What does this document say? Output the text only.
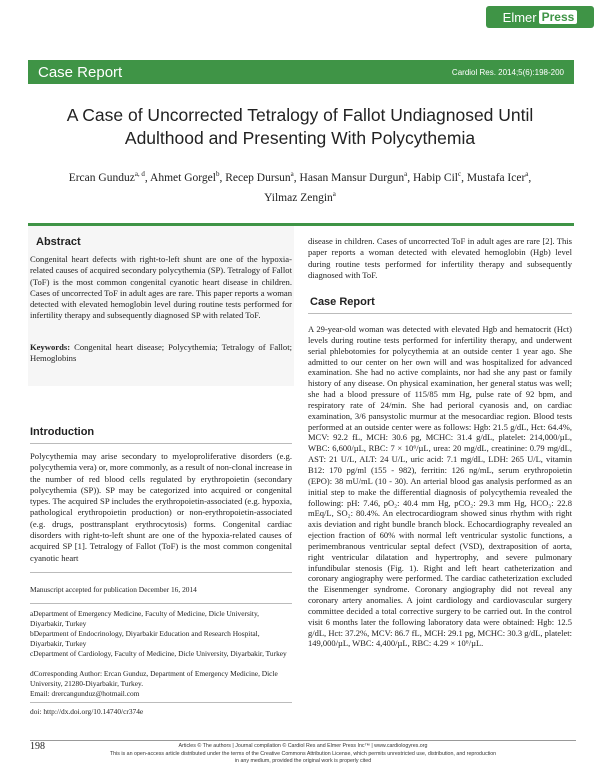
Elmer Press
Case Report	Cardiol Res. 2014;5(6):198-200
A Case of Uncorrected Tetralogy of Fallot Undiagnosed Until Adulthood and Presenting With Polycythemia
Ercan Gunduz$^{a, d}$, Ahmet Gorgel$^b$, Recep Dursun$^a$, Hasan Mansur Durgun$^a$, Habip Cil$^c$, Mustafa Icer$^a$,
Yilmaz Zengin$^a$
Abstract
Congenital heart defects with right-to-left shunt are one of the hypoxia-related causes of acquired secondary polycythemia (SP). Tetralogy of Fallot (ToF) is the most common congenital cyanotic heart disease in children. Cases of uncorrected ToF in adult ages are rare. This paper reports a woman detected with elevated hemoglobin level during routine tests performed for infertility therapy and subsequently diagnosed SP with related ToF.
Keywords: Congenital heart disease; Polycythemia; Tetralogy of Fallot; Hemoglobins
Introduction
Polycythemia may arise secondary to myeloproliferative disorders (e.g. polycythemia vera) or, more commonly, as a result of non-clonal increase in the number of red blood cells regulated by erythropoietin (secondary polycythemia (SP)). SP may be categorized into acquired or congenital types. The acquired SP includes the erythropoietin-associated (e.g. hypoxia, pathological erythropoietin production) or non-erythropoietin-associated (e.g. drugs, posttransplant erythrocytosis) forms. Congenital cardiac disorders with right-to-left shunt are one of the hypoxia-related causes of acquired SP [1]. Tetralogy of Fallot (ToF) is the most common congenital cyanotic heart
Manuscript accepted for publication December 16, 2014
aDepartment of Emergency Medicine, Faculty of Medicine, Dicle University, Diyarbakir, Turkey
bDepartment of Endocrinology, Diyarbakir Education and Research Hospital, Diyarbakir, Turkey
cDepartment of Cardiology, Faculty of Medicine, Dicle University, Diyarbakir, Turkey
dCorresponding Author: Ercan Gunduz, Department of Emergency Medicine, Dicle University, 21280-Diyarbakir, Turkey.
Email: drercangunduz@hotmail.com
doi: http://dx.doi.org/10.14740/cr374e
disease in children. Cases of uncorrected ToF in adult ages are rare [2]. This paper reports a woman detected with elevated hemoglobin (Hgb) level during routine tests performed for infertility therapy and subsequently diagnosed with ToF.
Case Report
A 29-year-old woman was detected with elevated Hgb and hematocrit (Hct) levels during routine tests performed for infertility therapy, and underwent serial phlebotomies for polycythemia at an outside center 1 year ago. She admitted to our center on her own will and was hospitalized for advanced examination. She had no active complaints, nor had she any past or family history of any disease. On physical examination, her general status was well; she had a blood pressure of 115/85 mm Hg, pulse rate of 92 bpm, and respiratory rate of 24/min. She had perioral cyanosis and, on cardiac examination, 3/6 pansystolic murmur at the mesocardiac region. Blood tests performed at an outside center were as follows: Hgb: 21.5 g/dL, Hct: 64.4%, MCV: 92.2 fL, MCH: 30.6 pg, MCHC: 31.4 g/dL, platelet: 214,000/µL, WBC: 6,600/µL, RBC: 7 × 10⁶/µL, urea: 20 mg/dL, creatinine: 0.79 mg/dL, AST: 21 U/L, ALT: 24 U/L, uric acid: 7.1 mg/dL, LDH: 265 U/L, vitamin B12: 170 pg/ml (155 - 982), ferritin: 126 ng/mL, serum erythropoietin (EPO): 38 mU/mL (10 - 30). An arterial blood gas analysis performed as an initial step to make the differential diagnosis of polycythemia revealed the following: pH: 7.46, pO₂: 40.4 mm Hg, pCO₂: 29.3 mm Hg, HCO₃: 22.8 mEq/L, SO₂: 80.4%. An electrocardiogram showed sinus rhythm with right axis deviation and right bundle branch block. Echocardiography revealed an ejection fraction of 60% with normal left ventricular systolic functions, a perimembranous ventricular septal defect (VSD), dextraposition of aorta, right ventricular dilatation and hypertrophy, and severe pulmonary infundibular stenosis (Fig. 1). Right and left heart catheterization and coronary angiography were performed. The cardiac catheterization excluded the Eisenmenger syndrome. Coronary angiography did not reveal any coronary artery anomalies. A joint cardiology and cardiovascular surgery committee decided a total corrective surgery to be carried out. In the control visit 6 months later the following laboratory data were obtained: Hgb: 12.5 g/dL, Hct: 37.2%, MCV: 86.7 fL, MCH: 29.1 pg, MCHC: 30.3 g/dL, platelet: 149,000/µL, WBC: 4,400/µL, RBC: 4.29 × 10⁶/µL.
198	Articles © The authors | Journal compilation © Cardiol Res and Elmer Press Inc™ | www.cardiologyres.org
This is an open-access article distributed under the terms of the Creative Commons Attribution License, which permits unrestricted use, distribution, and reproduction
in any medium, provided the original work is properly cited
